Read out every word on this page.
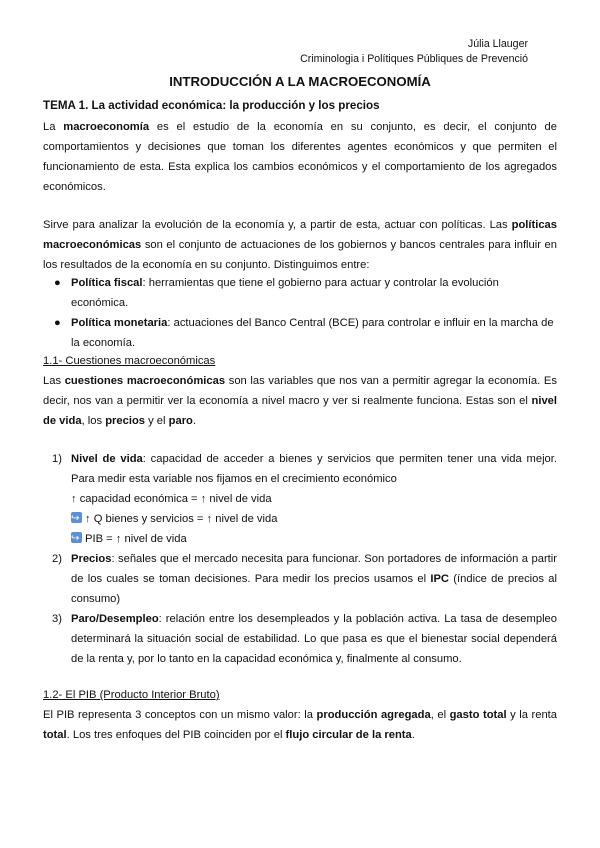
Júlia Llauger
Criminologia i Polítiques Públiques de Prevenció
INTRODUCCIÓN A LA MACROECONOMÍA
TEMA 1. La actividad económica: la producción y los precios
La macroeconomía es el estudio de la economía en su conjunto, es decir, el conjunto de comportamientos y decisiones que toman los diferentes agentes económicos y que permiten el funcionamiento de esta. Esta explica los cambios económicos y el comportamiento de los agregados económicos.
Sirve para analizar la evolución de la economía y, a partir de esta, actuar con políticas. Las políticas macroeconómicas son el conjunto de actuaciones de los gobiernos y bancos centrales para influir en los resultados de la economía en su conjunto. Distinguimos entre:
● Política fiscal: herramientas que tiene el gobierno para actuar y controlar la evolución económica.
● Política monetaria: actuaciones del Banco Central (BCE) para controlar e influir en la marcha de la economía.
1.1- Cuestiones macroeconómicas
Las cuestiones macroeconómicas son las variables que nos van a permitir agregar la economía. Es decir, nos van a permitir ver la economía a nivel macro y ver si realmente funciona. Estas son el nivel de vida, los precios y el paro.
1) Nivel de vida: capacidad de acceder a bienes y servicios que permiten tener una vida mejor. Para medir esta variable nos fijamos en el crecimiento económico
↑ capacidad económica = ↑ nivel de vida
↪↑ Q bienes y servicios = ↑ nivel de vida
↪PIB = ↑ nivel de vida
2) Precios: señales que el mercado necesita para funcionar. Son portadores de información a partir de los cuales se toman decisiones. Para medir los precios usamos el IPC (índice de precios al consumo)
3) Paro/Desempleo: relación entre los desempleados y la población activa. La tasa de desempleo determinará la situación social de estabilidad. Lo que pasa es que el bienestar social dependerá de la renta y, por lo tanto en la capacidad económica y, finalmente al consumo.
1.2- El PIB (Producto Interior Bruto)
El PIB representa 3 conceptos con un mismo valor: la producción agregada, el gasto total y la renta total. Los tres enfoques del PIB coinciden por el flujo circular de la renta.
